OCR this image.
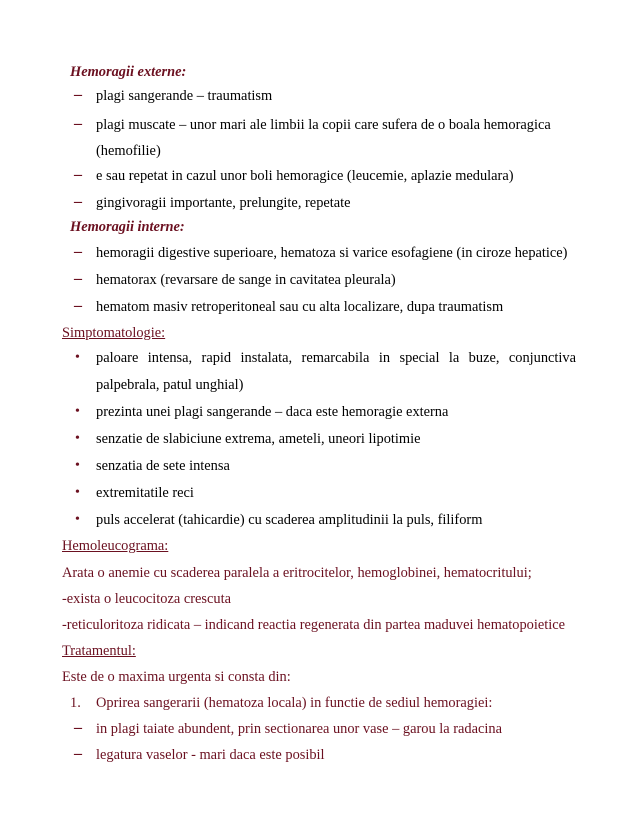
Hemoragii externe:
– plagi sangerande – traumatism
– plagi muscate – unor mari ale limbii la copii care sufera de o boala hemoragica
(hemofilie)
– e sau repetat in cazul unor boli hemoragice (leucemie, aplazie medulara)
– gingivoragii importante, prelungite, repetate
Hemoragii interne:
– hemoragii digestive superioare, hematoza si varice esofagiene (in ciroze hepatice)
– hematorax (revarsare de sange in cavitatea pleurala)
– hematom masiv retroperitoneal sau cu alta localizare, dupa traumatism
Simptomatologie:
• paloare intensa, rapid instalata, remarcabila in special la buze, conjunctiva
palpebrala, patul unghial)
• prezinta unei plagi sangerande – daca este hemoragie externa
• senzatie de slabiciune extrema, ameteli, uneori lipotimie
• senzatia de sete intensa
• extremitatile reci
• puls accelerat (tahicardie) cu scaderea amplitudinii la puls, filiform
Hemoleucograma:
Arata o anemie cu scaderea paralela a eritrocitelor, hemoglobinei, hematocritului;
-exista o leucocitoza crescuta
-reticuloritoza ridicata – indicand reactia regenerata din partea maduvei hematopoietice
Tratamentul:
Este de o maxima urgenta si consta din:
1. Oprirea sangerarii (hematoza locala) in functie de sediul hemoragiei:
– in plagi taiate abundent, prin sectionarea unor vase – garou la radacina
– legatura vaselor - mari daca este posibil
